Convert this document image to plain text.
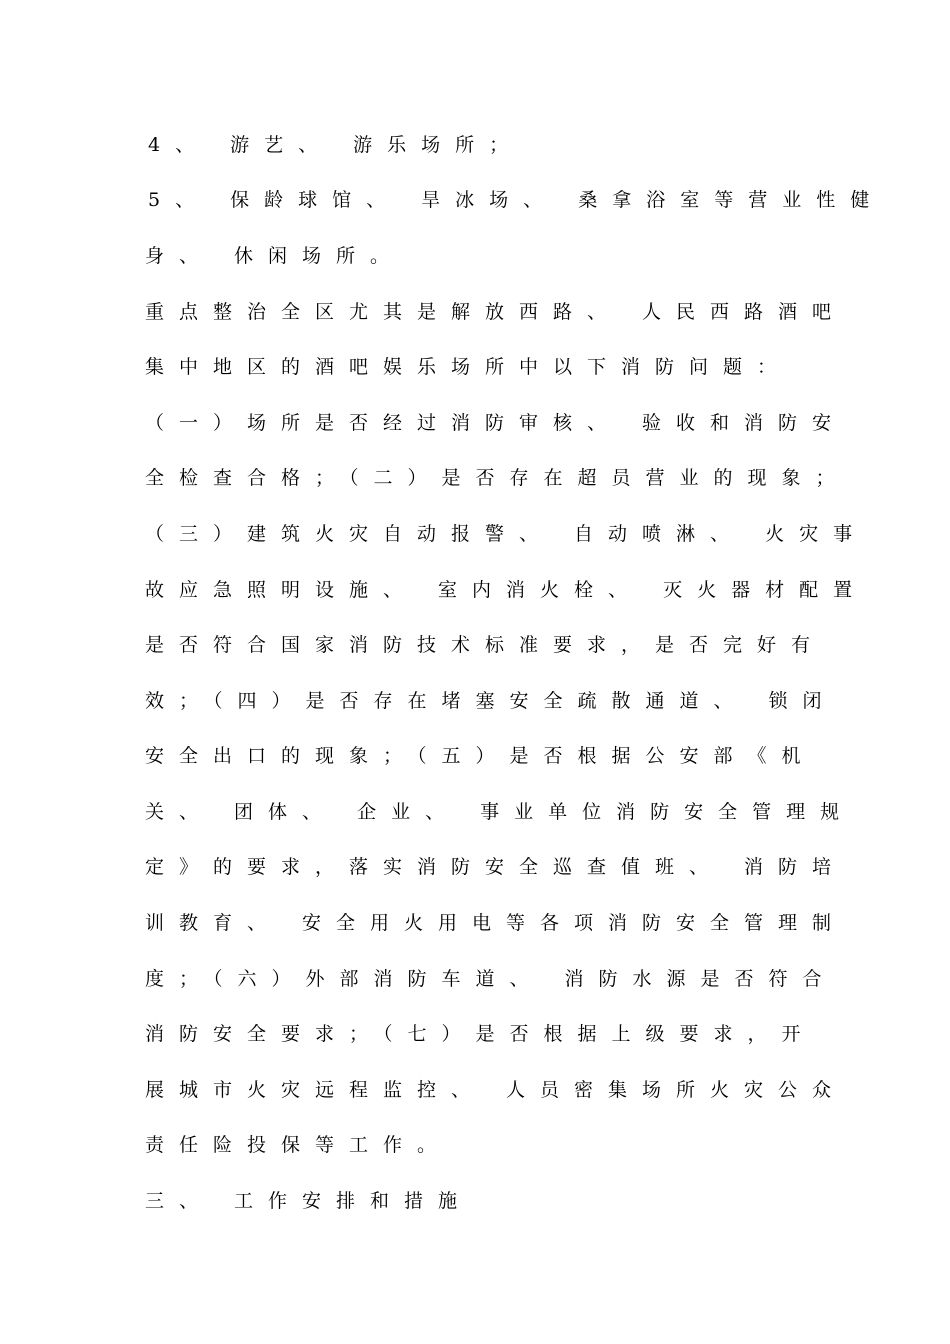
4、 游艺、 游乐场所；
5、 保龄球馆、 旱冰场、 桑拿浴室等营业性健
身、 休闲场所。
重点整治全区尤其是解放西路、 人民西路酒吧
集中地区的酒吧娱乐场所中以下消防问题：
（一）场所是否经过消防审核、 验收和消防安
全检查合格；（二）是否存在超员营业的现象；
（三）建筑火灾自动报警、 自动喷淋、 火灾事
故应急照明设施、 室内消火栓、 灭火器材配置
是否符合国家消防技术标准要求，是否完好有
效；（四）是否存在堵塞安全疏散通道、 锁闭
安全出口的现象；（五）是否根据公安部《机
关、 团体、 企业、 事业单位消防安全管理规
定》的要求，落实消防安全巡查值班、 消防培
训教育、 安全用火用电等各项消防安全管理制
度；（六）外部消防车道、 消防水源是否符合
消防安全要求；（七）是否根据上级要求，开
展城市火灾远程监控、 人员密集场所火灾公众
责任险投保等工作。
三、 工作安排和措施
